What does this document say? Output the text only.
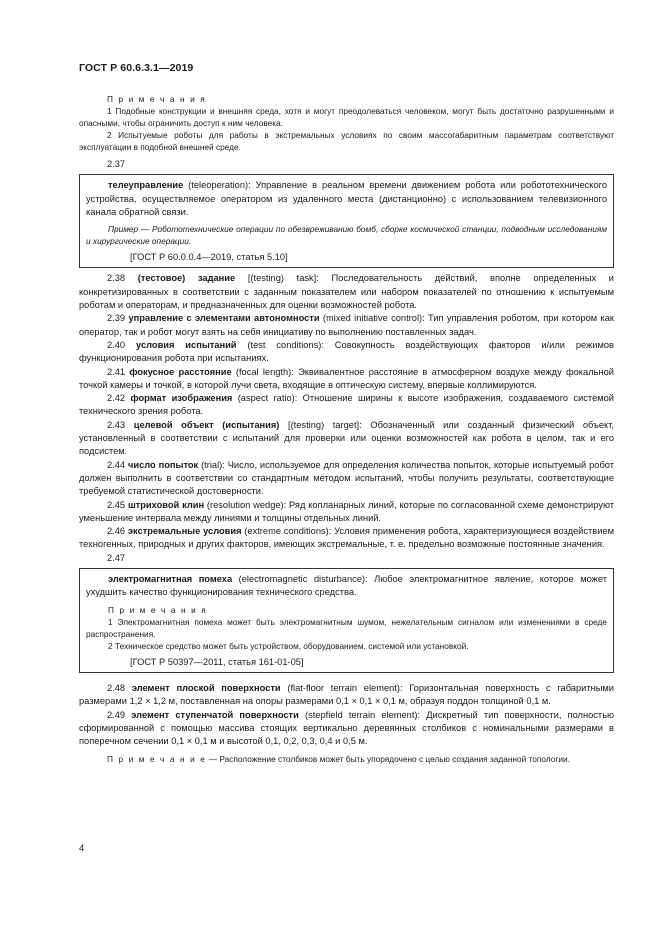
ГОСТ Р 60.6.3.1—2019

П р и м е ч а н и я

1 Подобные конструкции и внешняя среда, хотя и могут преодолеваться человеком, могут быть достаточно разрушенными и опасными, чтобы ограничить доступ к ним человека.

2 Испытуемые роботы для работы в экстремальных условиях по своим массогабаритным параметрам соответствуют эксплуатации в подобной внешней среде.

2.37

телеуправление (teleoperation): Управление в реальном времени движением робота или робототехнического устройства, осуществляемое оператором из удаленного места (дистанционно) с использованием телевизионного канала обратной связи.

Пример — Робототехнические операции по обезвреживанию бомб, сборке космической станции, подводным исследованиям и хирургические операции.

[ГОСТ Р 60.0.0.4—2019, статья 5.10]

2.38 (тестовое) задание [(testing) task]: Последовательность действий, вполне определенных и конкретизированных в соответствии с заданным показателем или набором показателей по отношению к испытуемым роботам и операторам, и предназначенных для оценки возможностей робота.

2.39 управление с элементами автономности (mixed initiative control): Тип управления роботом, при котором как оператор, так и робот могут взять на себя инициативу по выполнению поставленных задач.

2.40 условия испытаний (test conditions): Совокупность воздействующих факторов и/или режимов функционирования робота при испытаниях.

2.41 фокусное расстояние (focal length): Эквивалентное расстояние в атмосферном воздухе между фокальной точкой камеры и точкой, в которой лучи света, входящие в оптическую систему, впервые коллимируются.

2.42 формат изображения (aspect ratio): Отношение ширины к высоте изображения, создаваемого системой технического зрения робота.

2.43 целевой объект (испытания) [(testing) target]: Обозначенный или созданный физический объект, установленный в соответствии с испытаний для проверки или оценки возможностей как робота в целом, так и его подсистем.

2.44 число попыток (trial): Число, используемое для определения количества попыток, которые испытуемый робот должен выполнить в соответствии со стандартным методом испытаний, чтобы получить результаты, соответствующие требуемой статистической достоверности.

2.45 штриховой клин (resolution wedge): Ряд копланарных линий, которые по согласованной схеме демонстрируют уменьшение интервала между линиями и толщины отдельных линий.

2.46 экстремальные условия (extreme conditions): Условия применения робота, характеризующиеся воздействием техногенных, природных и других факторов, имеющих экстремальные, т. е. предельно возможные постоянные значения.

2.47

электромагнитная помеха (electromagnetic disturbance): Любое электромагнитное явление, которое может ухудшить качество функционирования технического средства.

П р и м е ч а н и я

1 Электромагнитная помеха может быть электромагнитным шумом, нежелательным сигналом или изменениями в среде распространения.

2 Техническое средство может быть устройством, оборудованием, системой или установкой.

[ГОСТ Р 50397—2011, статья 161-01-05]

2.48 элемент плоской поверхности (flat-floor terrain element): Горизонтальная поверхность с габаритными размерами 1,2 × 1,2 м, поставленная на опоры размерами 0,1 × 0,1 × 0,1 м, образуя поддон толщиной 0,1 м.

2.49 элемент ступенчатой поверхности (stepfield terrain element): Дискретный тип поверхности, полностью сформированной с помощью массива стоящих вертикально деревянных столбиков с номинальными размерами в поперечном сечении 0,1 × 0,1 м и высотой 0,1, 0,2, 0,3, 0,4 и 0,5 м.

П р и м е ч а н и е — Расположение столбиков может быть упорядочено с целью создания заданной топологии.

4
